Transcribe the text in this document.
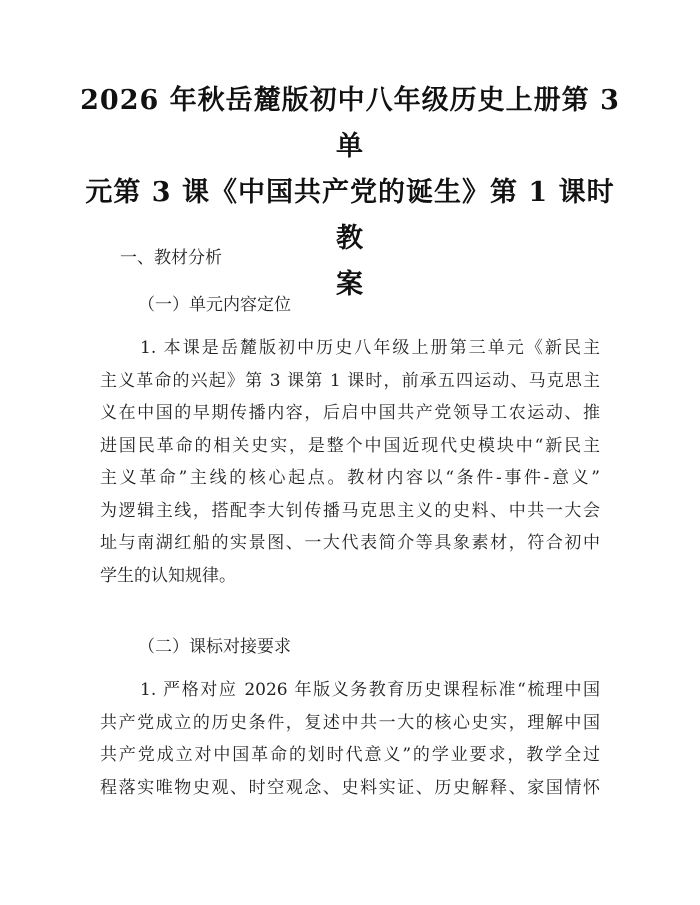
2026 年秋岳麓版初中八年级历史上册第 3 单
元第 3 课《中国共产党的诞生》第 1 课时教
案
一、教材分析
（一）单元内容定位
1. 本课是岳麓版初中历史八年级上册第三单元《新民主
主义革命的兴起》第 3 课第 1 课时，前承五四运动、马克思主
义在中国的早期传播内容，后启中国共产党领导工农运动、推
进国民革命的相关史实，是整个中国近现代史模块中“新民主
主义革命”主线的核心起点。教材内容以“条件-事件-意义”
为逻辑主线，搭配李大钊传播马克思主义的史料、中共一大会
址与南湖红船的实景图、一大代表简介等具象素材，符合初中
学生的认知规律。
（二）课标对接要求
1. 严格对应 2026 年版义务教育历史课程标准“梳理中国
共产党成立的历史条件，复述中共一大的核心史实，理解中国
共产党成立对中国革命的划时代意义”的学业要求，教学全过
程落实唯物史观、时空观念、史料实证、历史解释、家国情怀
